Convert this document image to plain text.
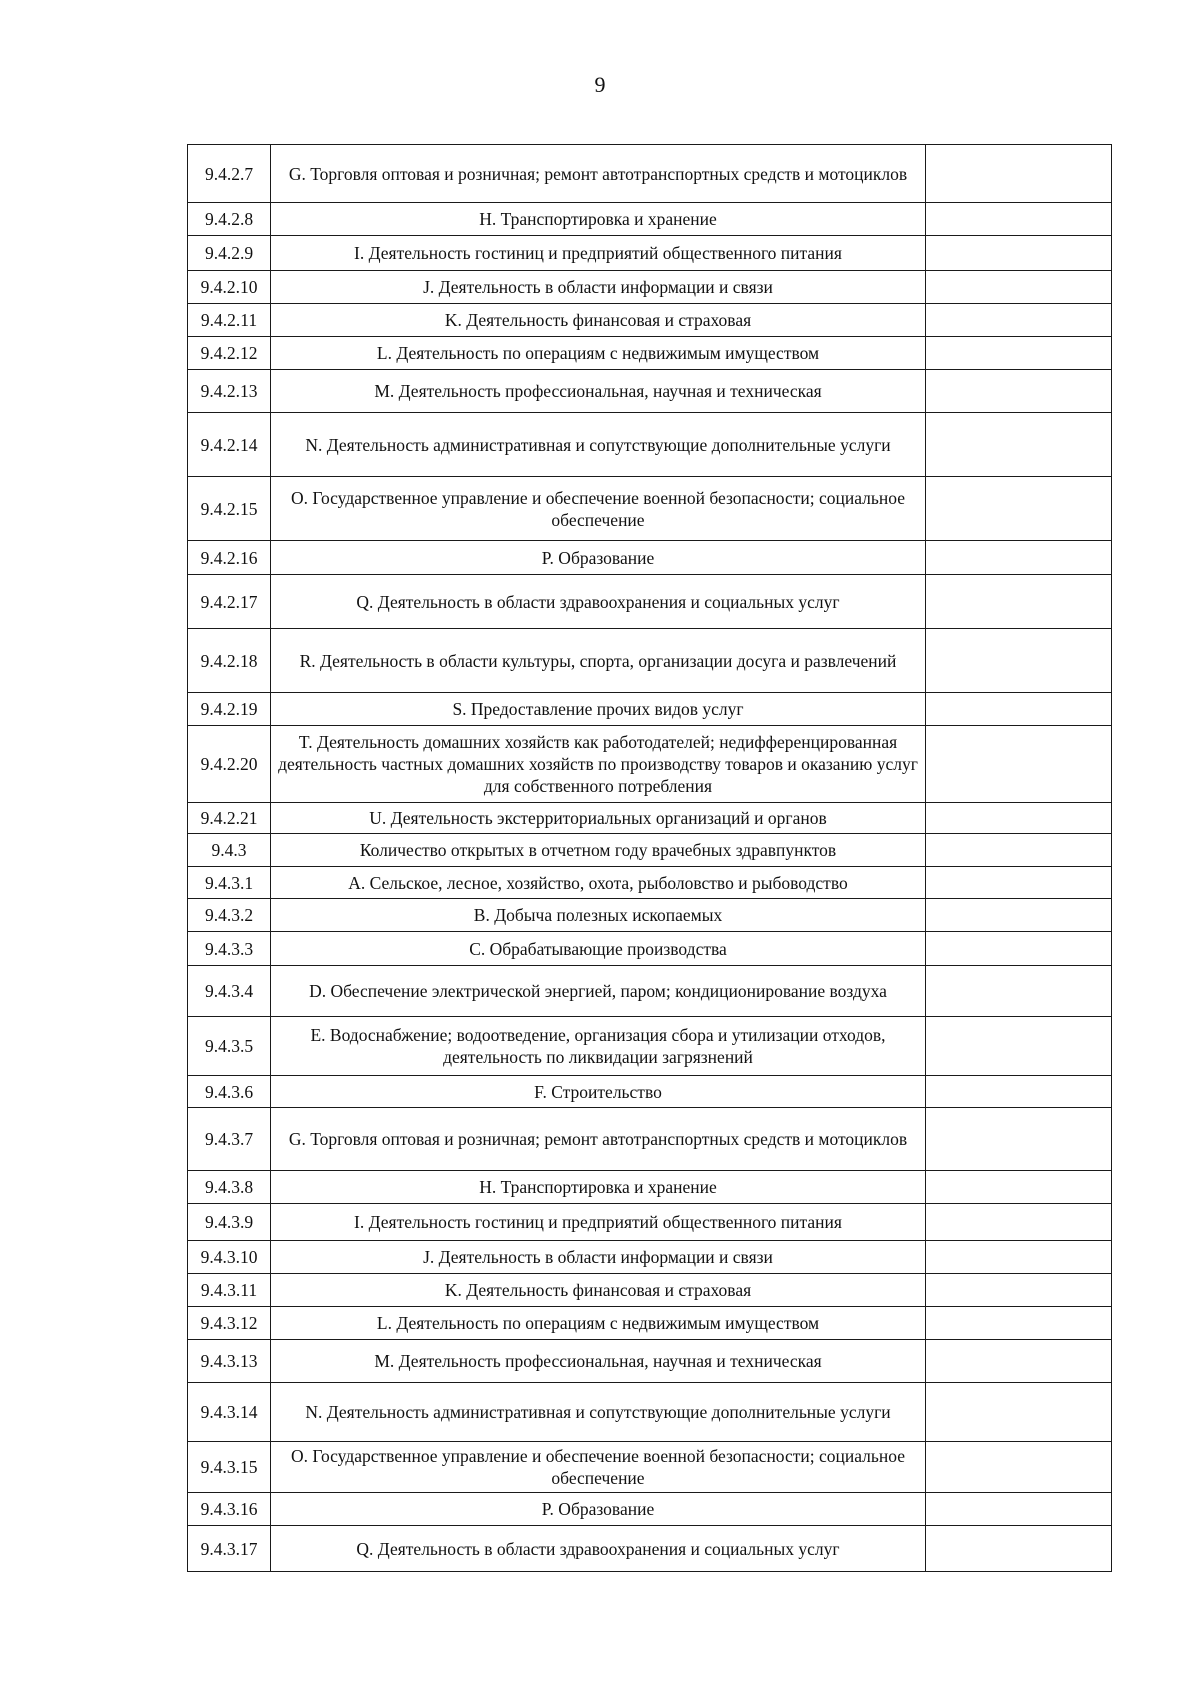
9
9.4.2.7	G. Торговля оптовая и розничная; ремонт автотранспортных средств и мотоциклов	
9.4.2.8	H. Транспортировка и хранение	
9.4.2.9	I. Деятельность гостиниц и предприятий общественного питания	
9.4.2.10	J. Деятельность в области информации и связи	
9.4.2.11	K. Деятельность финансовая и страховая	
9.4.2.12	L. Деятельность по операциям с недвижимым имуществом	
9.4.2.13	M. Деятельность профессиональная, научная и техническая	
9.4.2.14	N. Деятельность административная и сопутствующие дополнительные услуги	
9.4.2.15	O. Государственное управление и обеспечение военной безопасности; социальное обеспечение	
9.4.2.16	P. Образование	
9.4.2.17	Q. Деятельность в области здравоохранения и социальных услуг	
9.4.2.18	R. Деятельность в области культуры, спорта, организации досуга и развлечений	
9.4.2.19	S. Предоставление прочих видов услуг	
9.4.2.20	T. Деятельность домашних хозяйств как работодателей; недифференцированная деятельность частных домашних хозяйств по производству товаров и оказанию услуг для собственного потребления	
9.4.2.21	U. Деятельность экстерриториальных организаций и органов	
9.4.3	Количество открытых в отчетном году врачебных здравпунктов	
9.4.3.1	A. Сельское, лесное, хозяйство, охота, рыболовство и рыбоводство	
9.4.3.2	B. Добыча полезных ископаемых	
9.4.3.3	C. Обрабатывающие производства	
9.4.3.4	D. Обеспечение электрической энергией, паром; кондиционирование воздуха	
9.4.3.5	E. Водоснабжение; водоотведение, организация сбора и утилизации отходов, деятельность по ликвидации загрязнений	
9.4.3.6	F. Строительство	
9.4.3.7	G. Торговля оптовая и розничная; ремонт автотранспортных средств и мотоциклов	
9.4.3.8	H. Транспортировка и хранение	
9.4.3.9	I. Деятельность гостиниц и предприятий общественного питания	
9.4.3.10	J. Деятельность в области информации и связи	
9.4.3.11	K. Деятельность финансовая и страховая	
9.4.3.12	L. Деятельность по операциям с недвижимым имуществом	
9.4.3.13	M. Деятельность профессиональная, научная и техническая	
9.4.3.14	N. Деятельность административная и сопутствующие дополнительные услуги	
9.4.3.15	O. Государственное управление и обеспечение военной безопасности; социальное обеспечение	
9.4.3.16	P. Образование	
9.4.3.17	Q. Деятельность в области здравоохранения и социальных услуг	
